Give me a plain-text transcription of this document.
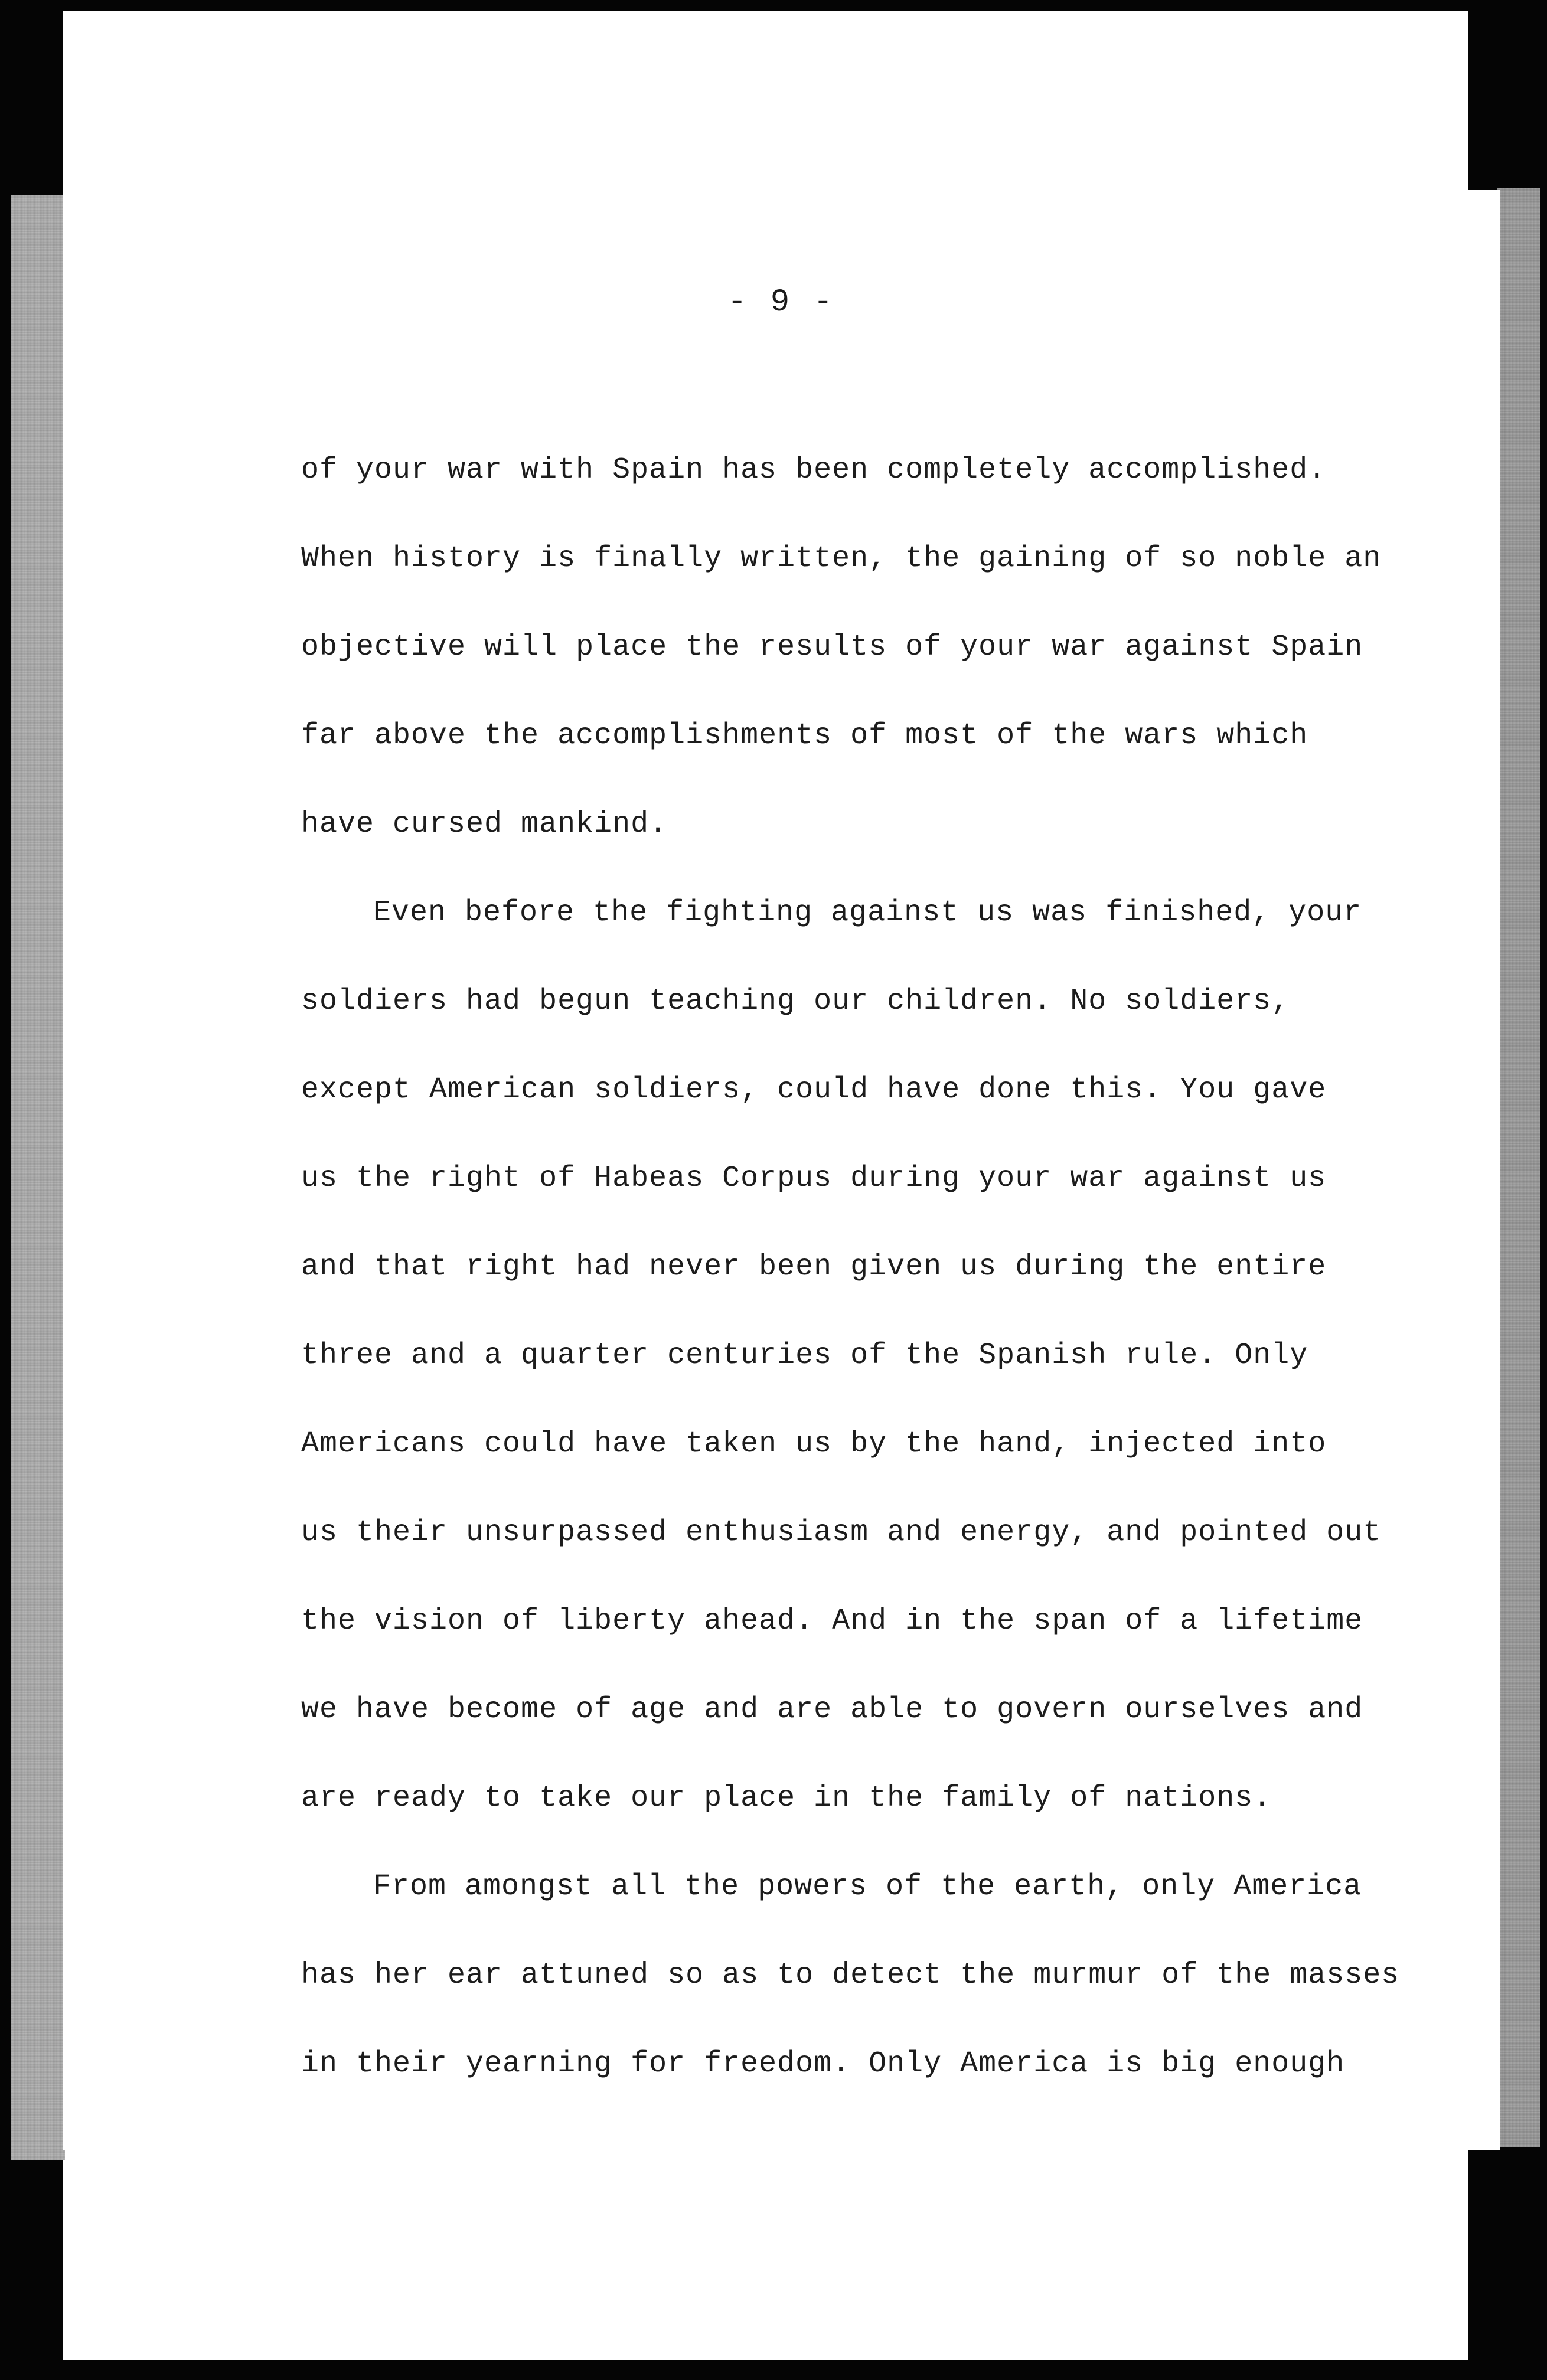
- 9 -
of your war with Spain has been completely accomplished.
When history is finally written, the gaining of so noble an
objective will place the results of your war against Spain
far above the accomplishments of most of the wars which
have cursed mankind.
Even before the fighting against us was finished, your
soldiers had begun teaching our children. No soldiers,
except American soldiers, could have done this. You gave
us the right of Habeas Corpus during your war against us
and that right had never been given us during the entire
three and a quarter centuries of the Spanish rule. Only
Americans could have taken us by the hand, injected into
us their unsurpassed enthusiasm and energy, and pointed out
the vision of liberty ahead. And in the span of a lifetime
we have become of age and are able to govern ourselves and
are ready to take our place in the family of nations.
From amongst all the powers of the earth, only America
has her ear attuned so as to detect the murmur of the masses
in their yearning for freedom. Only America is big enough
